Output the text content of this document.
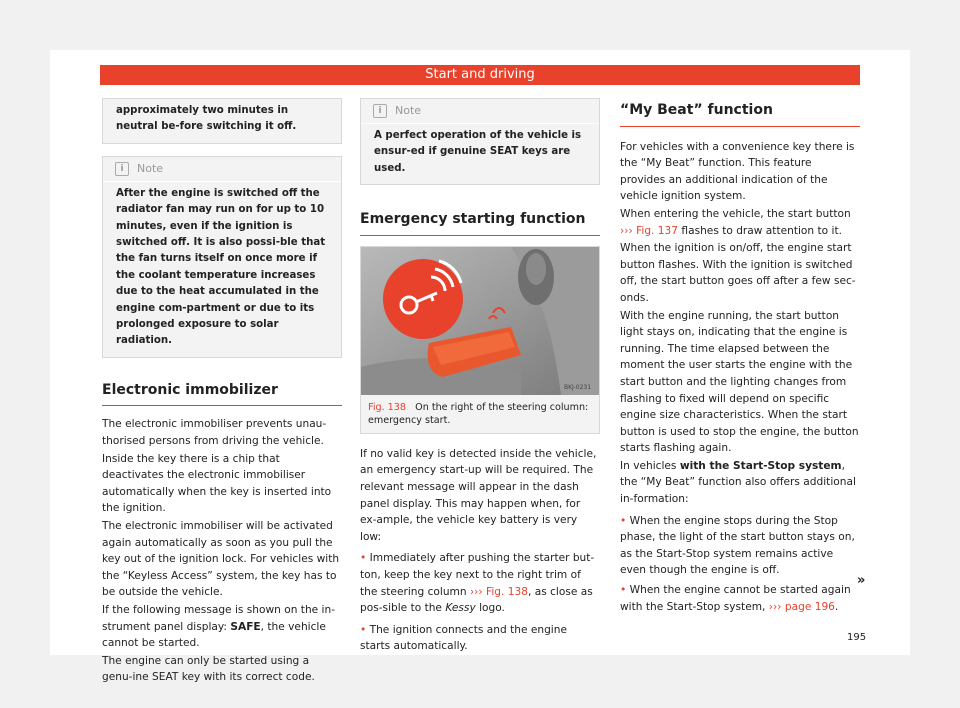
Start and driving
approximately two minutes in neutral be-fore switching it off.
i	Note
After the engine is switched off the radiator fan may run on for up to 10 minutes, even if the ignition is switched off. It is also possi-ble that the fan turns itself on once more if the coolant temperature increases due to the heat accumulated in the engine com-partment or due to its prolonged exposure to solar radiation.
Electronic immobilizer

The electronic immobiliser prevents unau-thorised persons from driving the vehicle.

Inside the key there is a chip that deactivates the electronic immobiliser automatically when the key is inserted into the ignition.

The electronic immobiliser will be activated again automatically as soon as you pull the key out of the ignition lock. For vehicles with the “Keyless Access” system, the key has to be outside the vehicle.

If the following message is shown on the in-strument panel display: SAFE, the vehicle cannot be started.

The engine can only be started using a genu-ine SEAT key with its correct code.

i	Note
A perfect operation of the vehicle is ensur-ed if genuine SEAT keys are used.
Emergency starting function
BKJ-0231
Fig. 138 On the right of the steering column: emergency start.

If no valid key is detected inside the vehicle, an emergency start-up will be required. The relevant message will appear in the dash panel display. This may happen when, for ex-ample, the vehicle key battery is very low:

• Immediately after pushing the starter but-ton, keep the key next to the right trim of the steering column ››› Fig. 138, as close as pos-sible to the Kessy logo.

• The ignition connects and the engine starts automatically.

“My Beat” function

For vehicles with a convenience key there is the “My Beat” function. This feature provides an additional indication of the vehicle ignition system.

When entering the vehicle, the start button ››› Fig. 137 flashes to draw attention to it.

When the ignition is on/off, the engine start button flashes. With the ignition is switched off, the start button goes off after a few sec-onds.

With the engine running, the start button light stays on, indicating that the engine is running. The time elapsed between the moment the user starts the engine with the start button and the lighting changes from flashing to fixed will depend on specific engine size characteristics. When the start button is used to stop the engine, the button starts flashing again.

In vehicles with the Start-Stop system, the “My Beat” function also offers additional in-formation:

• When the engine stops during the Stop phase, the light of the start button stays on, as the Start-Stop system remains active even though the engine is off.

• When the engine cannot be started again with the Start-Stop system, ››› page 196.

»
195
